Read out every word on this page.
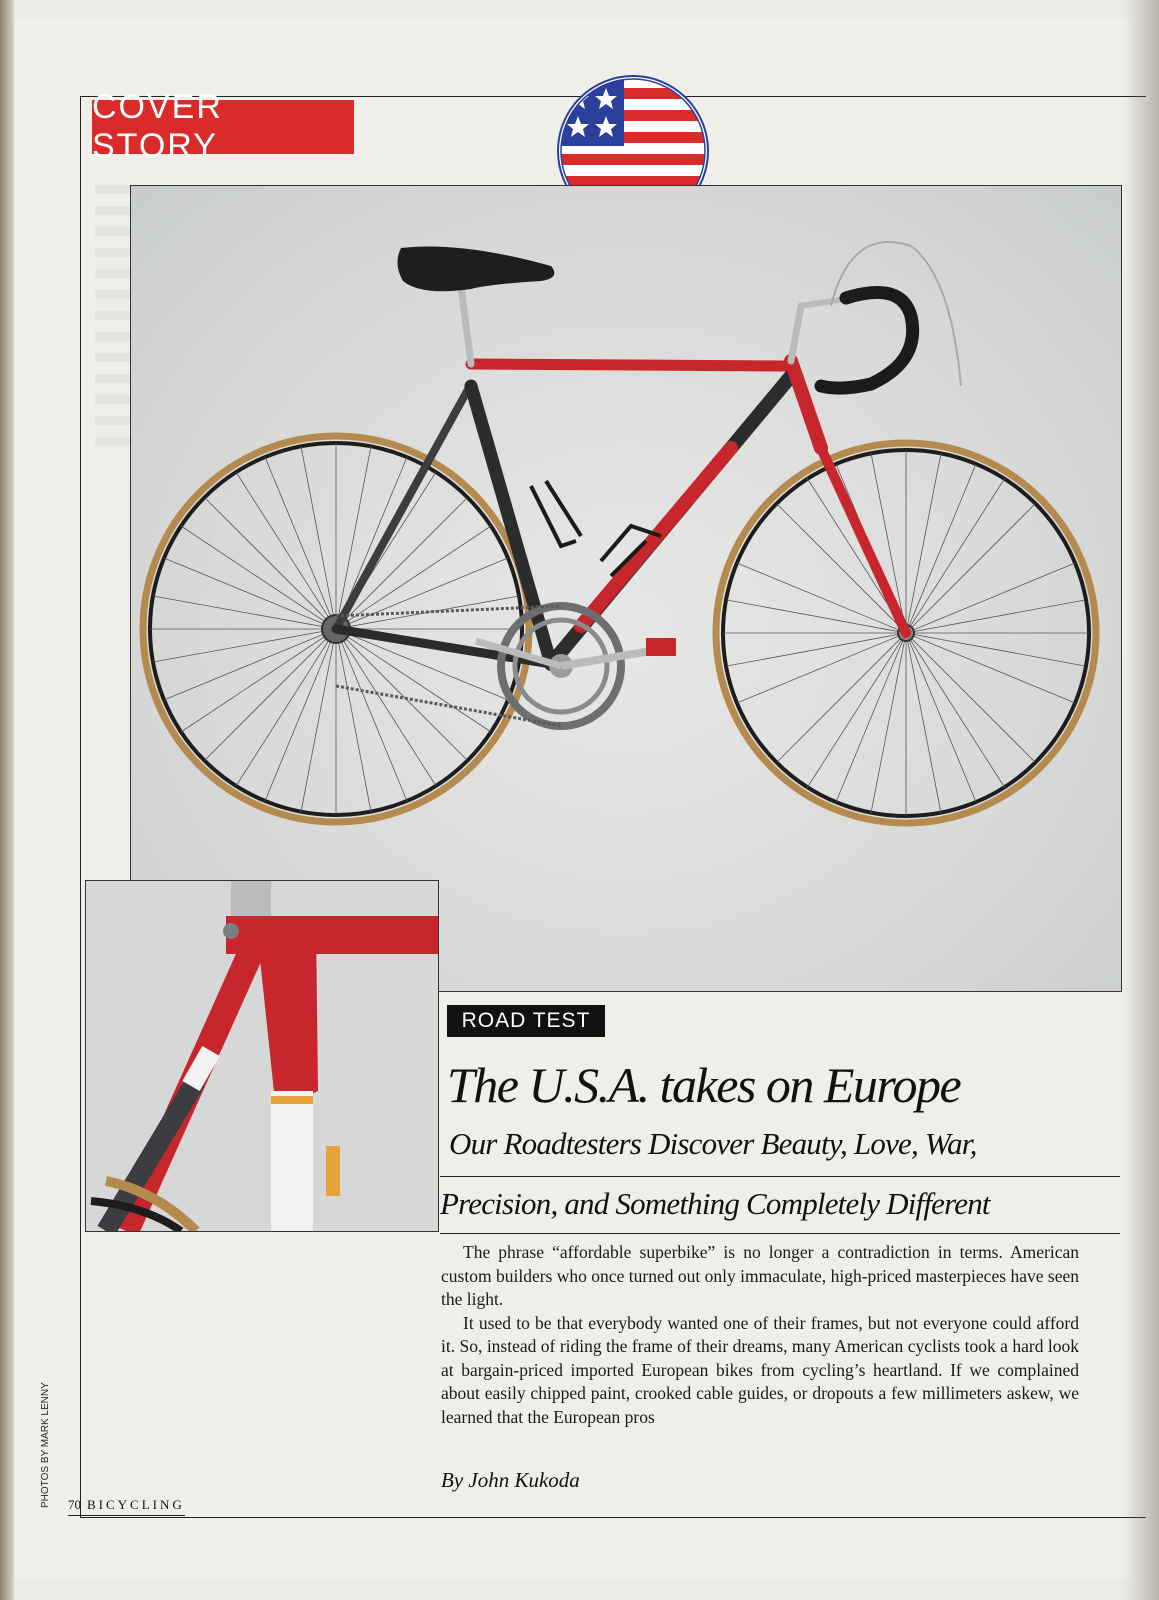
COVER STORY
ROAD TEST
The U.S.A. takes on Europe
Our Roadtesters Discover Beauty, Love, War,
Precision, and Something Completely Different

The phrase “affordable superbike” is no longer a contradiction in terms. American custom builders who once turned out only immaculate, high-priced masterpieces have seen the light.

It used to be that everybody wanted one of their frames, but not everyone could afford it. So, instead of riding the frame of their dreams, many American cyclists took a hard look at bargain-priced imported European bikes from cycling’s heartland. If we complained about easily chipped paint, crooked cable guides, or dropouts a few millimeters askew, we learned that the European pros

By John Kukoda
PHOTOS BY MARK LENNY 70 BICYCLING
